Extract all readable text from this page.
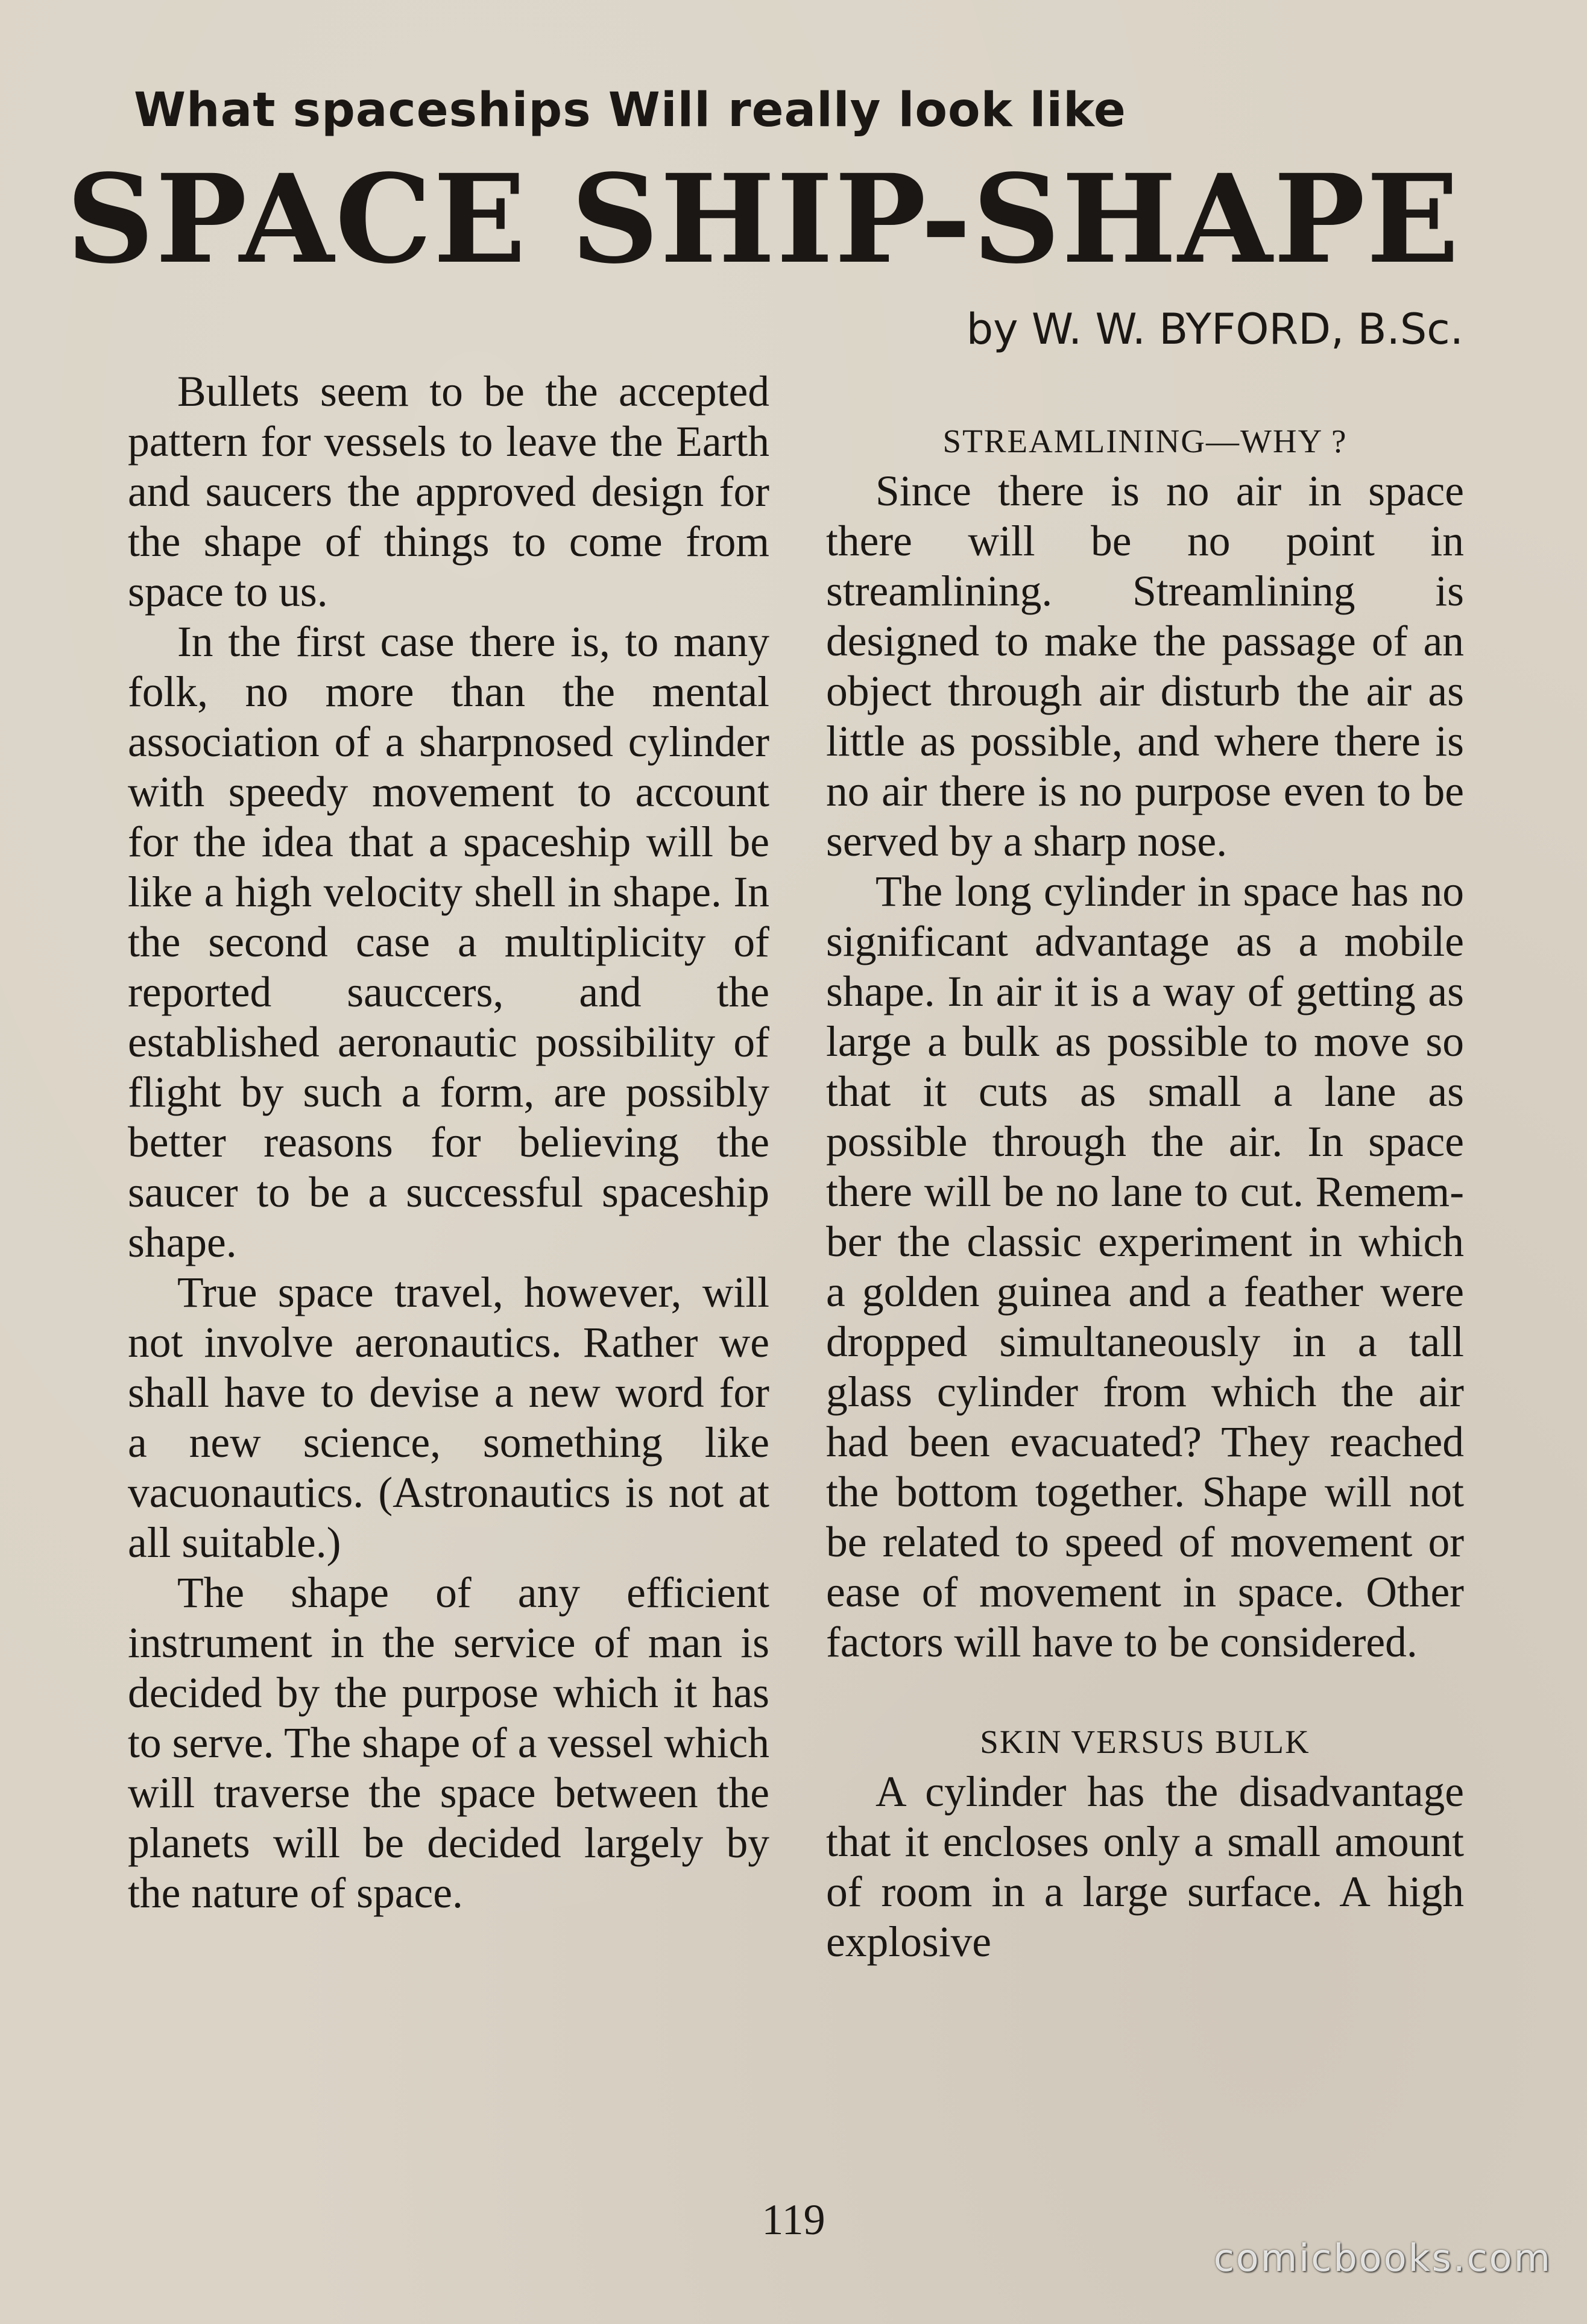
What spaceships Will really look like
SPACE SHIP-SHAPE
by W. W. BYFORD, B.Sc.

Bullets seem to be the accepted pattern for vessels to leave the Earth and saucers the approved design for the shape of things to come from space to us.

In the first case there is, to many folk, no more than the mental association of a sharpnosed cylinder with speedy movement to account for the idea that a spaceship will be like a high velocity shell in shape. In the second case a multiplicity of reported sauccers, and the established aeronautic possibility of flight by such a form, are possibly better reasons for believing the saucer to be a successful spaceship shape.

True space travel, however, will not involve aeronautics. Rather we shall have to devise a new word for a new science, something like vacuonautics. (Astronautics is not at all suitable.)

The shape of any efficient instrument in the service of man is decided by the purpose which it has to serve. The shape of a vessel which will traverse the space between the planets will be decided largely by the nature of space.

STREAMLINING—WHY ?

Since there is no air in space there will be no point in streamlining. Streamlining is designed to make the passage of an object through air disturb the air as little as possible, and where there is no air there is no purpose even to be served by a sharp nose.

The long cylinder in space has no significant advantage as a mobile shape. In air it is a way of getting as large a bulk as possible to move so that it cuts as small a lane as possible through the air. In space there will be no lane to cut. Remember the classic experiment in which a golden guinea and a feather were dropped simultaneously in a tall glass cylinder from which the air had been evacuated? They reached the bottom together. Shape will not be related to speed of movement or ease of movement in space. Other factors will have to be considered.

SKIN VERSUS BULK

A cylinder has the disadvantage that it encloses only a small amount of room in a large surface. A high explosive

119
comicbooks.com
